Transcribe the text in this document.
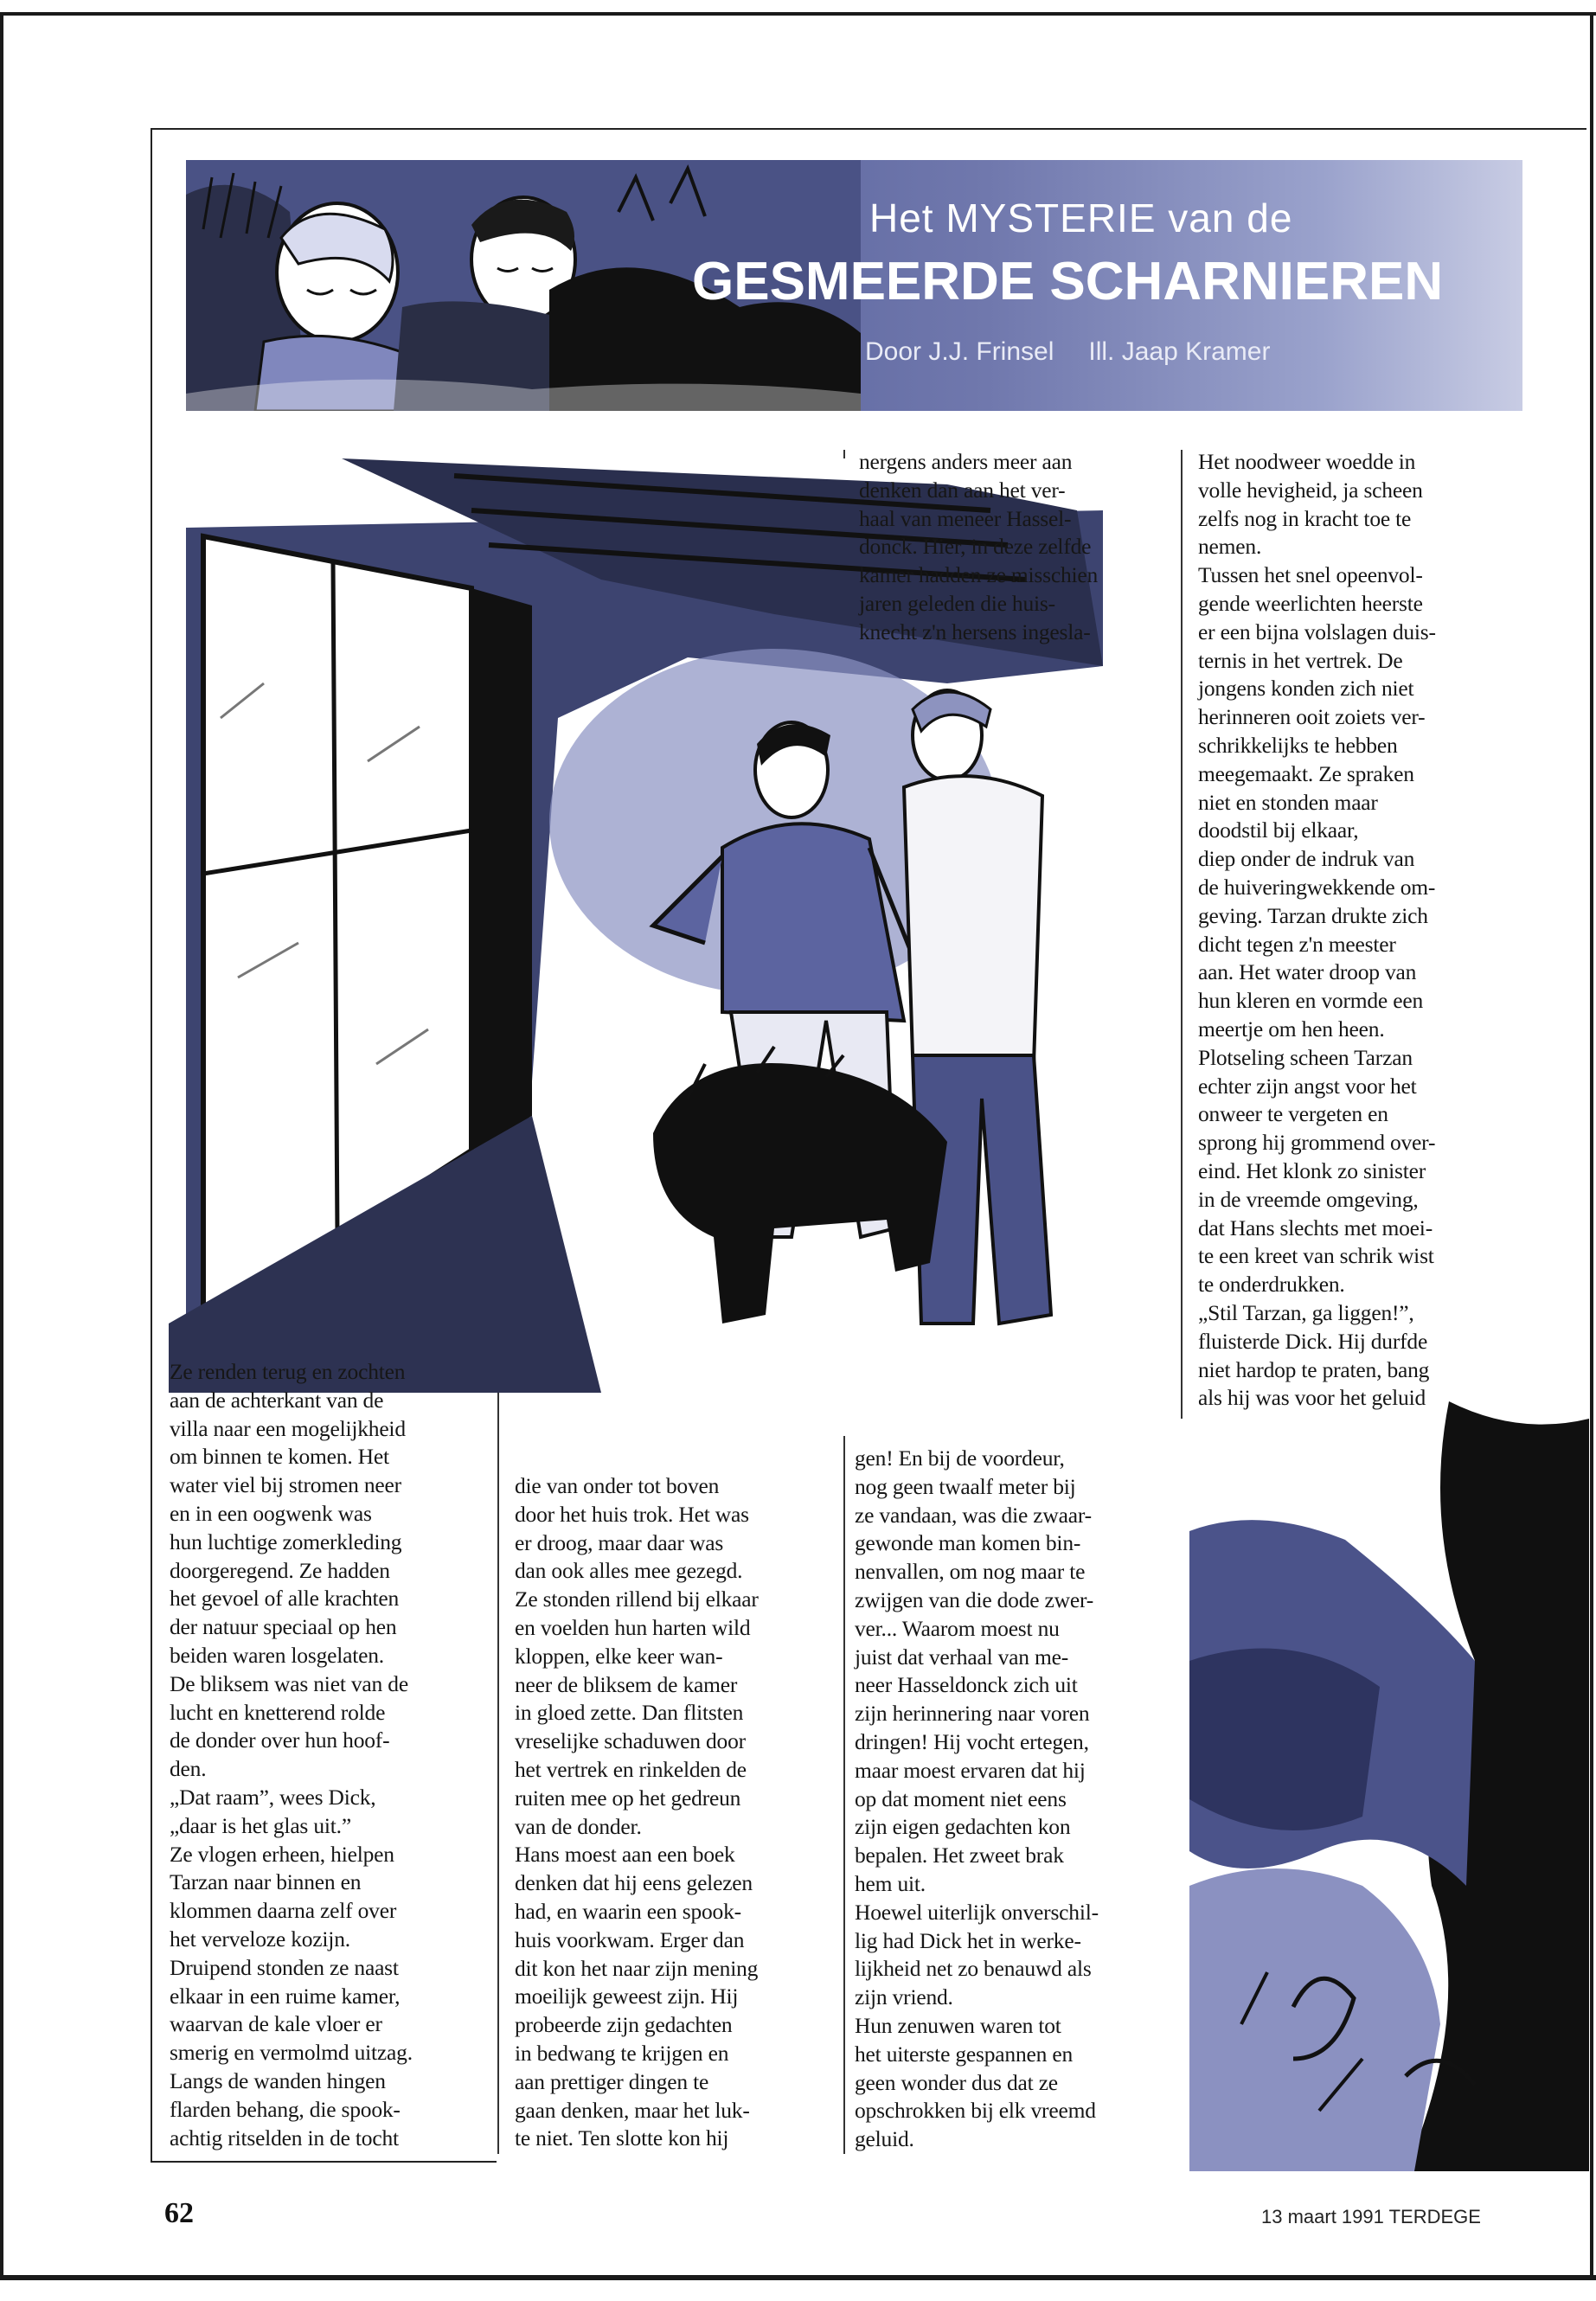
Het MYSTERIE van de
GESMEERDE SCHARNIEREN
Door J.J. Frinsel Ill. Jaap Kramer
nergens anders meer aan
denken dan aan het ver-
haal van meneer Hassel-
donck. Hier, in deze zelfde
kamer hadden ze misschien
jaren geleden die huis-
knecht z'n hersens ingesla-
Het noodweer woedde in
volle hevigheid, ja scheen
zelfs nog in kracht toe te
nemen.
Tussen het snel opeenvol-
gende weerlichten heerste
er een bijna volslagen duis-
ternis in het vertrek. De
jongens konden zich niet
herinneren ooit zoiets ver-
schrikkelijks te hebben
meegemaakt. Ze spraken
niet en stonden maar
doodstil bij elkaar,
diep onder de indruk van
de huiveringwekkende om-
geving. Tarzan drukte zich
dicht tegen z'n meester
aan. Het water droop van
hun kleren en vormde een
meertje om hen heen.
Plotseling scheen Tarzan
echter zijn angst voor het
onweer te vergeten en
sprong hij grommend over-
eind. Het klonk zo sinister
in de vreemde omgeving,
dat Hans slechts met moei-
te een kreet van schrik wist
te onderdrukken.
„Stil Tarzan, ga liggen!”,
fluisterde Dick. Hij durfde
niet hardop te praten, bang
als hij was voor het geluid
Ze renden terug en zochten
aan de achterkant van de
villa naar een mogelijkheid
om binnen te komen. Het
water viel bij stromen neer
en in een oogwenk was
hun luchtige zomerkleding
doorgeregend. Ze hadden
het gevoel of alle krachten
der natuur speciaal op hen
beiden waren losgelaten.
De bliksem was niet van de
lucht en knetterend rolde
de donder over hun hoof-
den.
„Dat raam”, wees Dick,
„daar is het glas uit.”
Ze vlogen erheen, hielpen
Tarzan naar binnen en
klommen daarna zelf over
het verveloze kozijn.
Druipend stonden ze naast
elkaar in een ruime kamer,
waarvan de kale vloer er
smerig en vermolmd uitzag.
Langs de wanden hingen
flarden behang, die spook-
achtig ritselden in de tocht
die van onder tot boven
door het huis trok. Het was
er droog, maar daar was
dan ook alles mee gezegd.
Ze stonden rillend bij elkaar
en voelden hun harten wild
kloppen, elke keer wan-
neer de bliksem de kamer
in gloed zette. Dan flitsten
vreselijke schaduwen door
het vertrek en rinkelden de
ruiten mee op het gedreun
van de donder.
Hans moest aan een boek
denken dat hij eens gelezen
had, en waarin een spook-
huis voorkwam. Erger dan
dit kon het naar zijn mening
moeilijk geweest zijn. Hij
probeerde zijn gedachten
in bedwang te krijgen en
aan prettiger dingen te
gaan denken, maar het luk-
te niet. Ten slotte kon hij
gen! En bij de voordeur,
nog geen twaalf meter bij
ze vandaan, was die zwaar-
gewonde man komen bin-
nenvallen, om nog maar te
zwijgen van die dode zwer-
ver... Waarom moest nu
juist dat verhaal van me-
neer Hasseldonck zich uit
zijn herinnering naar voren
dringen! Hij vocht ertegen,
maar moest ervaren dat hij
op dat moment niet eens
zijn eigen gedachten kon
bepalen. Het zweet brak
hem uit.
Hoewel uiterlijk onverschil-
lig had Dick het in werke-
lijkheid net zo benauwd als
zijn vriend.
Hun zenuwen waren tot
het uiterste gespannen en
geen wonder dus dat ze
opschrokken bij elk vreemd
geluid.
62	13 maart 1991 TERDEGE
